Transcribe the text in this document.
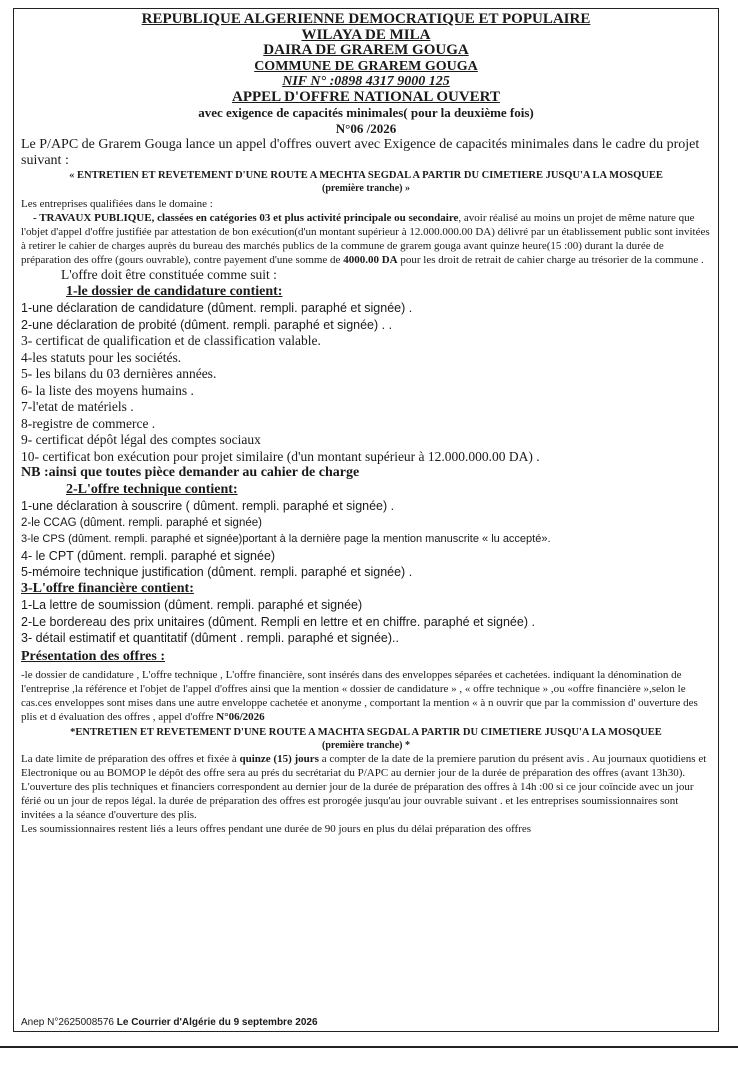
REPUBLIQUE ALGERIENNE DEMOCRATIQUE ET POPULAIRE
WILAYA DE MILA
DAIRA DE GRAREM GOUGA
COMMUNE DE GRAREM GOUGA
NIF N° :0898 4317 9000 125
APPEL D'OFFRE NATIONAL OUVERT
avec exigence de capacités minimales( pour la deuxième fois)
N°06 /2026
Le P/APC de Grarem Gouga lance un appel d'offres ouvert avec Exigence de capacités minimales dans le cadre du projet suivant :
« ENTRETIEN ET REVETEMENT D'UNE ROUTE A MECHTA SEGDAL A PARTIR DU CIMETIERE JUSQU'A LA MOSQUEE
(première tranche) »
Les entreprises qualifiées dans le domaine :
- TRAVAUX PUBLIQUE, classées en catégories 03 et plus activité principale ou secondaire, avoir réalisé au moins un projet de même nature que l'objet d'appel d'offre justifiée par attestation de bon exécution(d'un montant supérieur à 12.000.000.00 DA) délivré par un établissement public sont invitées à retirer le cahier de charges auprès du bureau des marchés publics de la commune de grarem gouga avant quinze heure(15 :00) durant la durée de préparation des offre (gours ouvrable), contre payement d'une somme de 4000.00 DA pour les droit de retrait de cahier charge au trésorier de la commune .
L'offre doit être constituée comme suit :
1-le dossier de candidature contient:
1-une déclaration de candidature (dûment. rempli. paraphé et signée) .
2-une déclaration de probité (dûment. rempli. paraphé et signée) . .
3- certificat de qualification et de classification valable.
4-les statuts pour les sociétés.
5- les bilans du 03 dernières années.
6- la liste des moyens humains .
7-l'etat de matériels .
8-registre de commerce .
9- certificat dépôt légal des comptes sociaux
10- certificat bon exécution pour projet similaire (d'un montant supérieur à 12.000.000.00 DA) .
NB :ainsi que toutes pièce demander au cahier de charge
2-L'offre technique contient:
1-une déclaration à souscrire ( dûment. rempli. paraphé et signée) .
2-le CCAG (dûment. rempli. paraphé et signée)
3-le CPS (dûment. rempli. paraphé et signée)portant à la dernière page la mention manuscrite « lu accepté».
4- le CPT (dûment. rempli. paraphé et signée)
5-mémoire technique justification (dûment. rempli. paraphé et signée) .
3-L'offre financière contient:
1-La lettre de soumission (dûment. rempli. paraphé et signée)
2-Le bordereau des prix unitaires (dûment. Rempli en lettre et en chiffre. paraphé et signée) .
3- détail estimatif et quantitatif (dûment . rempli. paraphé et signée)..
Présentation des offres :
-le dossier de candidature , L'offre technique , L'offre financière, sont insérés dans des enveloppes séparées et cachetées. indiquant la dénomination de l'entreprise ,la référence et l'objet de l'appel d'offres ainsi que la mention « dossier de candidature » , « offre technique » ,ou «offre financière »,selon le cas.ces enveloppes sont mises dans une autre enveloppe cachetée et anonyme , comportant la mention « à n ouvrir que par la commission d' ouverture des plis et d évaluation des offres , appel d'offre N°06/2026
*ENTRETIEN ET REVETEMENT D'UNE ROUTE A MACHTA SEGDAL A PARTIR DU CIMETIERE JUSQU'A LA MOSQUEE
(première tranche) *
La date limite de préparation des offres et fixée à quinze (15) jours a compter de la date de la premiere parution du présent avis . Au journaux quotidiens et Electronique ou au BOMOP le dépôt des offre sera au prés du secrétariat du P/APC au dernier jour de la durée de préparation des offres (avant 13h30).
L'ouverture des plis techniques et financiers correspondent au dernier jour de la durée de préparation des offres à 14h :00 si ce jour coïncide avec un jour férié ou un jour de repos légal. la durée de préparation des offres est prorogée jusqu'au jour ouvrable suivant . et les entreprises soumissionnaires sont invitées a la séance d'ouverture des plis.
Les soumissionnaires restent liés a leurs offres pendant une durée de 90 jours en plus du délai préparation des offres
Anep N°2625008576 Le Courrier d'Algérie du 9 septembre 2026
